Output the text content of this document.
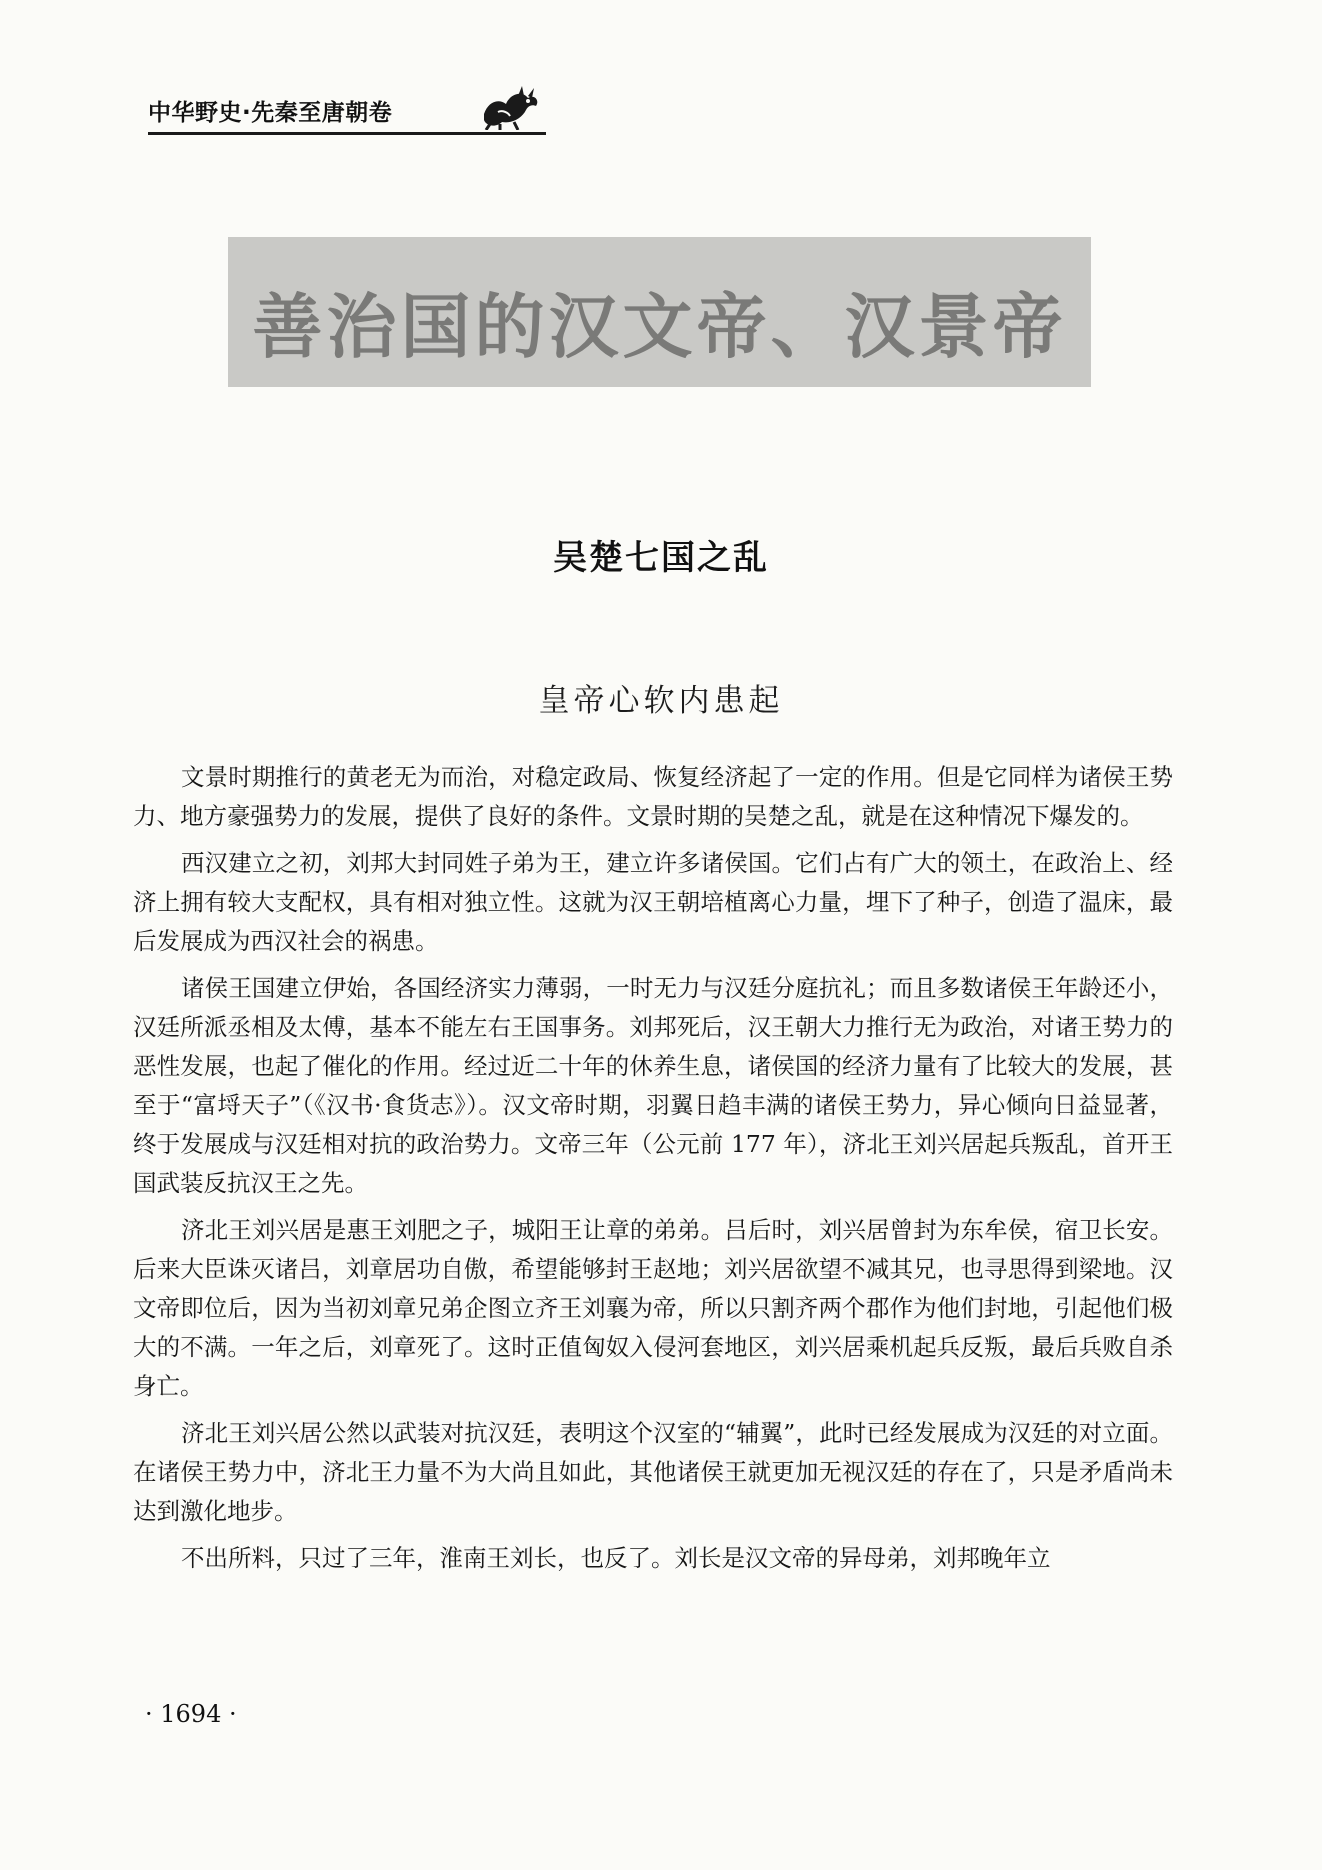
中华野史·先秦至唐朝卷
善治国的汉文帝、汉景帝
吴楚七国之乱
皇帝心软内患起

文景时期推行的黄老无为而治，对稳定政局、恢复经济起了一定的作用。但是它同样为诸侯王势力、地方豪强势力的发展，提供了良好的条件。文景时期的吴楚之乱，就是在这种情况下爆发的。

西汉建立之初，刘邦大封同姓子弟为王，建立许多诸侯国。它们占有广大的领土，在政治上、经济上拥有较大支配权，具有相对独立性。这就为汉王朝培植离心力量，埋下了种子，创造了温床，最后发展成为西汉社会的祸患。

诸侯王国建立伊始，各国经济实力薄弱，一时无力与汉廷分庭抗礼；而且多数诸侯王年龄还小，汉廷所派丞相及太傅，基本不能左右王国事务。刘邦死后，汉王朝大力推行无为政治，对诸王势力的恶性发展，也起了催化的作用。经过近二十年的休养生息，诸侯国的经济力量有了比较大的发展，甚至于“富埒天子”（《汉书·食货志》）。汉文帝时期，羽翼日趋丰满的诸侯王势力，异心倾向日益显著，终于发展成与汉廷相对抗的政治势力。文帝三年（公元前 177 年），济北王刘兴居起兵叛乱，首开王国武装反抗汉王之先。

济北王刘兴居是惠王刘肥之子，城阳王让章的弟弟。吕后时，刘兴居曾封为东牟侯，宿卫长安。后来大臣诛灭诸吕，刘章居功自傲，希望能够封王赵地；刘兴居欲望不减其兄，也寻思得到梁地。汉文帝即位后，因为当初刘章兄弟企图立齐王刘襄为帝，所以只割齐两个郡作为他们封地，引起他们极大的不满。一年之后，刘章死了。这时正值匈奴入侵河套地区，刘兴居乘机起兵反叛，最后兵败自杀身亡。

济北王刘兴居公然以武装对抗汉廷，表明这个汉室的“辅翼”，此时已经发展成为汉廷的对立面。在诸侯王势力中，济北王力量不为大尚且如此，其他诸侯王就更加无视汉廷的存在了，只是矛盾尚未达到激化地步。

不出所料，只过了三年，淮南王刘长，也反了。刘长是汉文帝的异母弟，刘邦晚年立

· 1694 ·
